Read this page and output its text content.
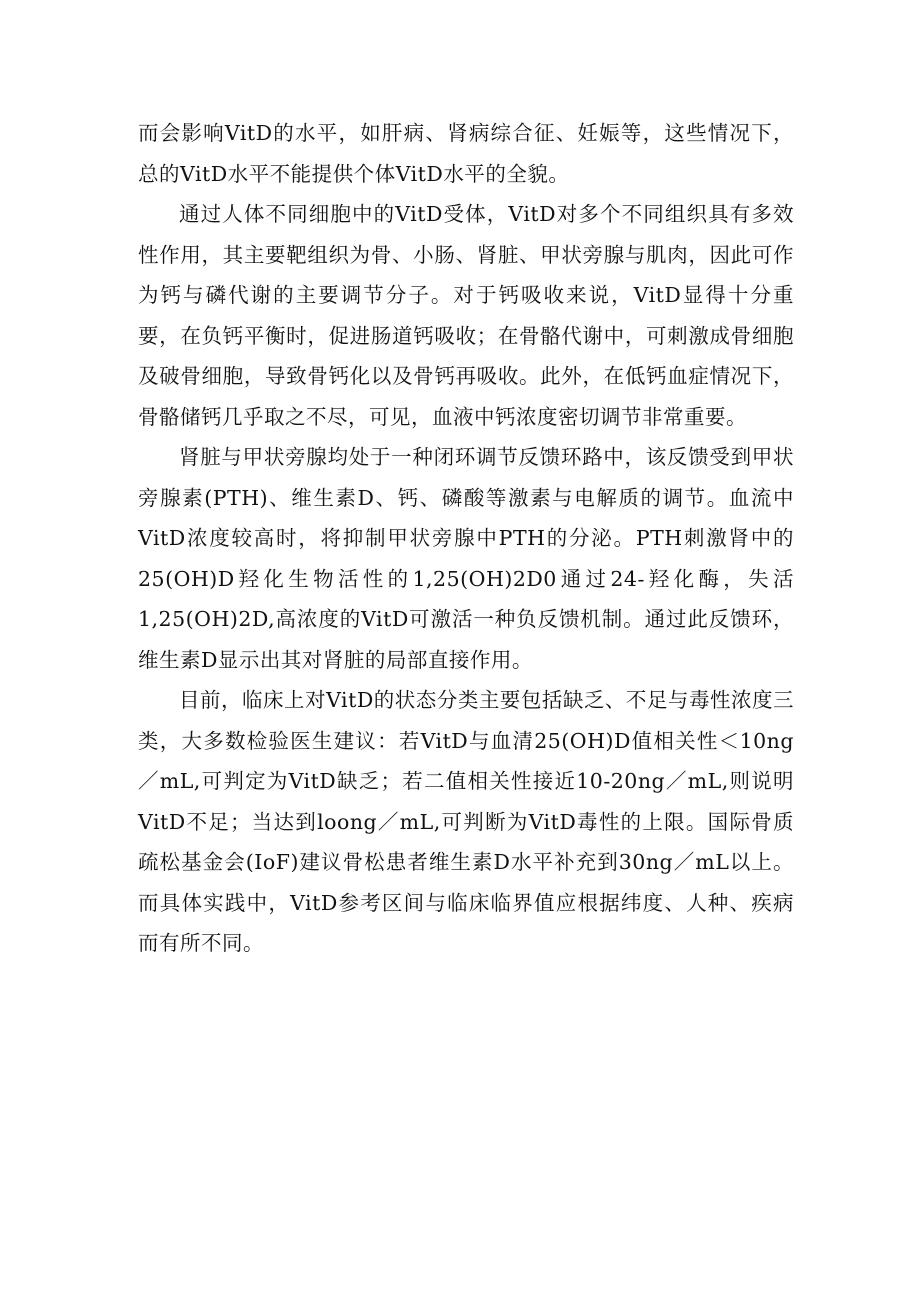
而会影响VitD的水平，如肝病、肾病综合征、妊娠等，这些情况下，总的VitD水平不能提供个体VitD水平的全貌。

通过人体不同细胞中的VitD受体，VitD对多个不同组织具有多效性作用，其主要靶组织为骨、小肠、肾脏、甲状旁腺与肌肉，因此可作为钙与磷代谢的主要调节分子。对于钙吸收来说，VitD显得十分重要，在负钙平衡时，促进肠道钙吸收；在骨骼代谢中，可刺激成骨细胞及破骨细胞，导致骨钙化以及骨钙再吸收。此外，在低钙血症情况下，骨骼储钙几乎取之不尽，可见，血液中钙浓度密切调节非常重要。

肾脏与甲状旁腺均处于一种闭环调节反馈环路中，该反馈受到甲状旁腺素(PTH)、维生素D、钙、磷酸等激素与电解质的调节。血流中VitD浓度较高时，将抑制甲状旁腺中PTH的分泌。PTH刺激肾中的25(OH)D羟化生物活性的1,25(OH)2D0通过24-羟化酶，失活1,25(OH)2D,高浓度的VitD可激活一种负反馈机制。通过此反馈环，维生素D显示出其对肾脏的局部直接作用。

目前，临床上对VitD的状态分类主要包括缺乏、不足与毒性浓度三类，大多数检验医生建议：若VitD与血清25(OH)D值相关性＜10ng／mL,可判定为VitD缺乏；若二值相关性接近10-20ng／mL,则说明VitD不足；当达到loong／mL,可判断为VitD毒性的上限。国际骨质疏松基金会(IoF)建议骨松患者维生素D水平补充到30ng／mL以上。而具体实践中，VitD参考区间与临床临界值应根据纬度、人种、疾病而有所不同。
